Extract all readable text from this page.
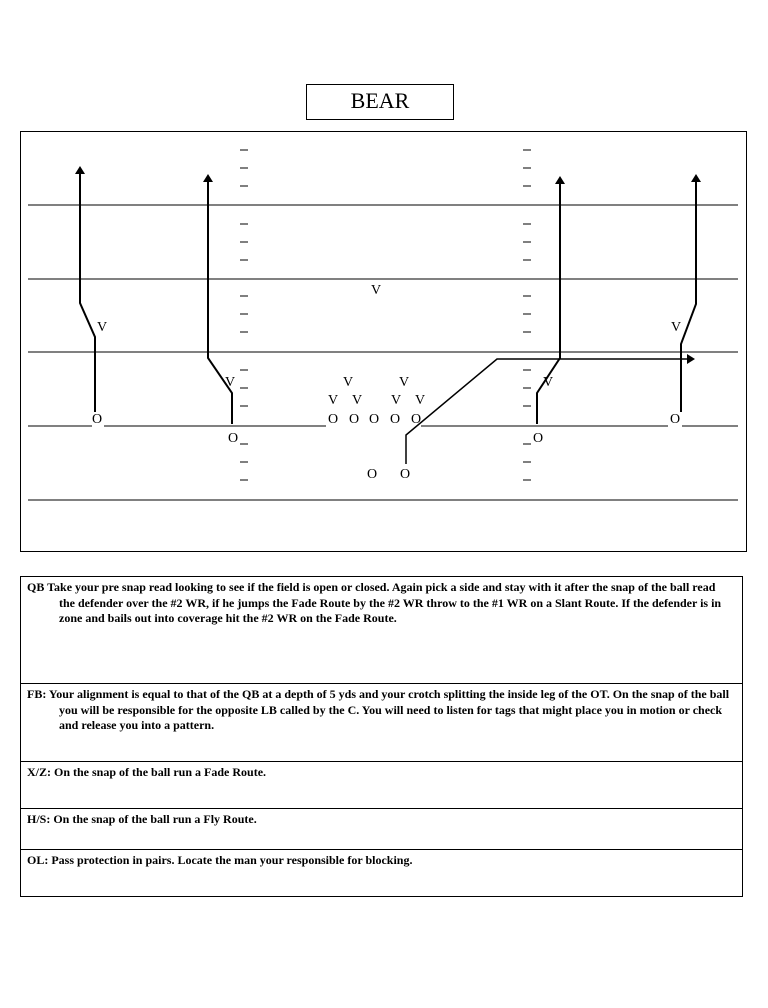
BEAR
O
O	O
O
O O O O O
O O
V
V	V
V	V
V	V
V V V V

QB Take your pre snap read looking to see if the field is open or closed. Again pick a side and stay with it after the snap of the ball read the defender over the #2 WR, if he jumps the Fade Route by the #2 WR throw to the #1 WR on a Slant Route. If the defender is in zone and bails out into coverage hit the #2 WR on the Fade Route.

FB: Your alignment is equal to that of the QB at a depth of 5 yds and your crotch splitting the inside leg of the OT. On the snap of the ball you will be responsible for the opposite LB called by the C. You will need to listen for tags that might place you in motion or check and release you into a pattern.

X/Z: On the snap of the ball run a Fade Route.

H/S: On the snap of the ball run a Fly Route.

OL: Pass protection in pairs. Locate the man your responsible for blocking.
